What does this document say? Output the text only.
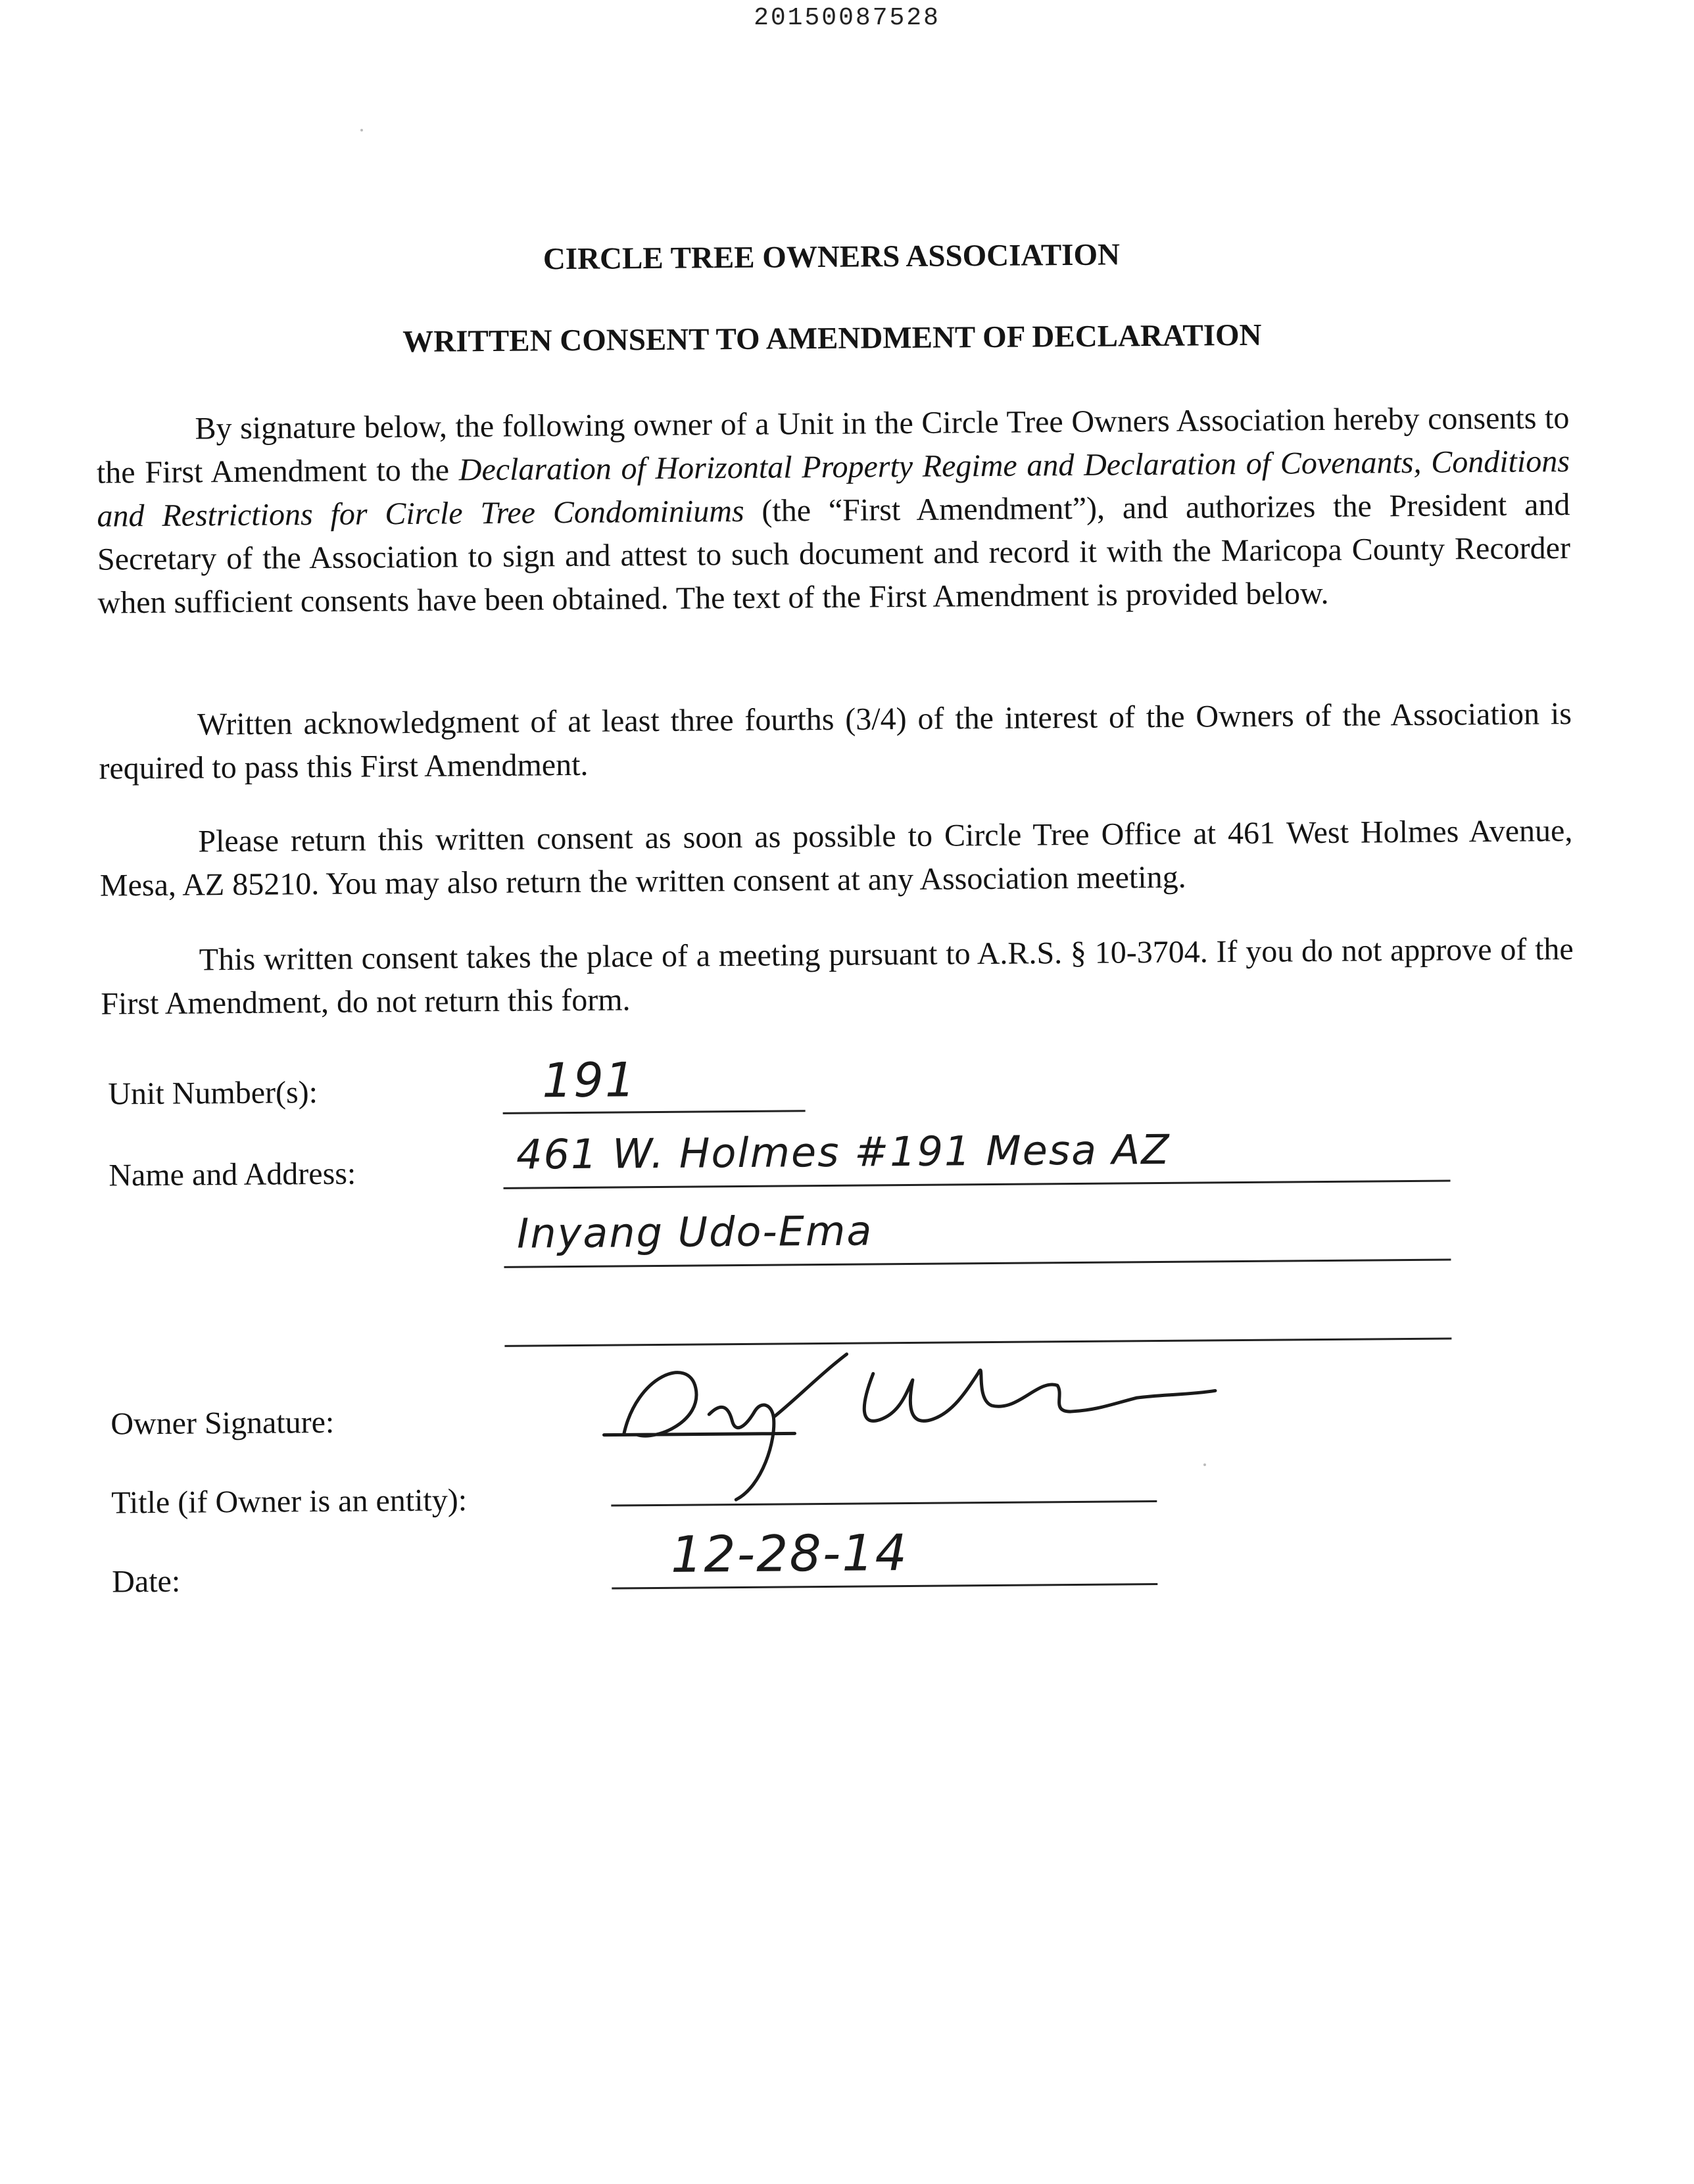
20150087528
CIRCLE TREE OWNERS ASSOCIATION
WRITTEN CONSENT TO AMENDMENT OF DECLARATION

By signature below, the following owner of a Unit in the Circle Tree Owners Association hereby consents to the First Amendment to the Declaration of Horizontal Property Regime and Declaration of Covenants, Conditions and Restrictions for Circle Tree Condominiums (the “First Amendment”), and authorizes the President and Secretary of the Association to sign and attest to such document and record it with the Maricopa County Recorder when sufficient consents have been obtained. The text of the First Amendment is provided below.

Written acknowledgment of at least three fourths (3/4) of the interest of the Owners of the Association is required to pass this First Amendment.

Please return this written consent as soon as possible to Circle Tree Office at 461 West Holmes Avenue, Mesa, AZ 85210. You may also return the written consent at any Association meeting.

This written consent takes the place of a meeting pursuant to A.R.S. § 10-3704. If you do not approve of the First Amendment, do not return this form.

Unit Number(s):	191
Name and Address:	461 W. Holmes #191 Mesa AZ
Inyang Udo-Ema
Owner Signature:
Title (if Owner is an entity):
Date:	12-28-14
